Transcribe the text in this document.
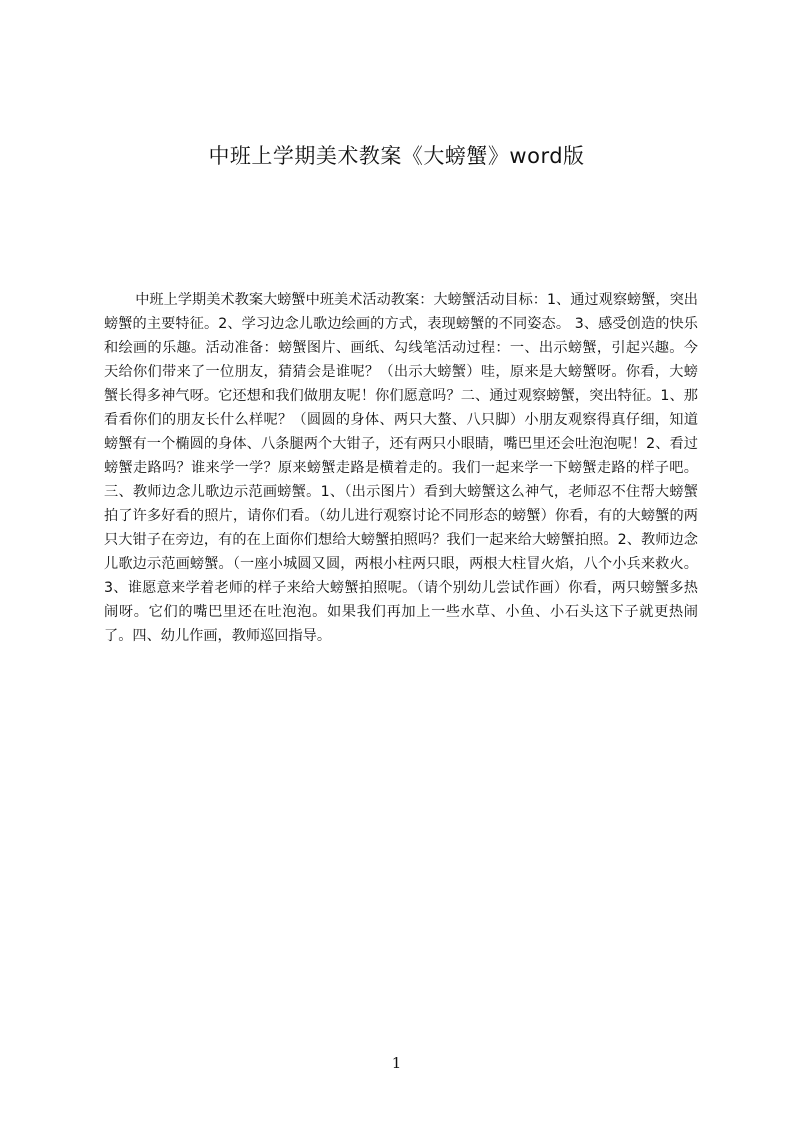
中班上学期美术教案《大螃蟹》word版

中班上学期美术教案大螃蟹中班美术活动教案：大螃蟹活动目标：1、通过观察螃蟹，突出螃蟹的主要特征。2、学习边念儿歌边绘画的方式，表现螃蟹的不同姿态。 3、感受创造的快乐和绘画的乐趣。活动准备：螃蟹图片、画纸、勾线笔活动过程：一、出示螃蟹，引起兴趣。今天给你们带来了一位朋友，猜猜会是谁呢？（出示大螃蟹）哇，原来是大螃蟹呀。你看，大螃蟹长得多神气呀。它还想和我们做朋友呢！你们愿意吗？二、通过观察螃蟹，突出特征。1、那看看你们的朋友长什么样呢？（圆圆的身体、两只大螯、八只脚）小朋友观察得真仔细，知道螃蟹有一个椭圆的身体、八条腿两个大钳子，还有两只小眼睛，嘴巴里还会吐泡泡呢！2、看过螃蟹走路吗？谁来学一学？原来螃蟹走路是横着走的。我们一起来学一下螃蟹走路的样子吧。三、教师边念儿歌边示范画螃蟹。1、（出示图片）看到大螃蟹这么神气，老师忍不住帮大螃蟹拍了许多好看的照片，请你们看。（幼儿进行观察讨论不同形态的螃蟹）你看，有的大螃蟹的两只大钳子在旁边，有的在上面你们想给大螃蟹拍照吗？我们一起来给大螃蟹拍照。2、教师边念儿歌边示范画螃蟹。（一座小城圆又圆，两根小柱两只眼，两根大柱冒火焰，八个小兵来救火。3、谁愿意来学着老师的样子来给大螃蟹拍照呢。（请个别幼儿尝试作画）你看，两只螃蟹多热闹呀。它们的嘴巴里还在吐泡泡。如果我们再加上一些水草、小鱼、小石头这下子就更热闹了。四、幼儿作画，教师巡回指导。

1
